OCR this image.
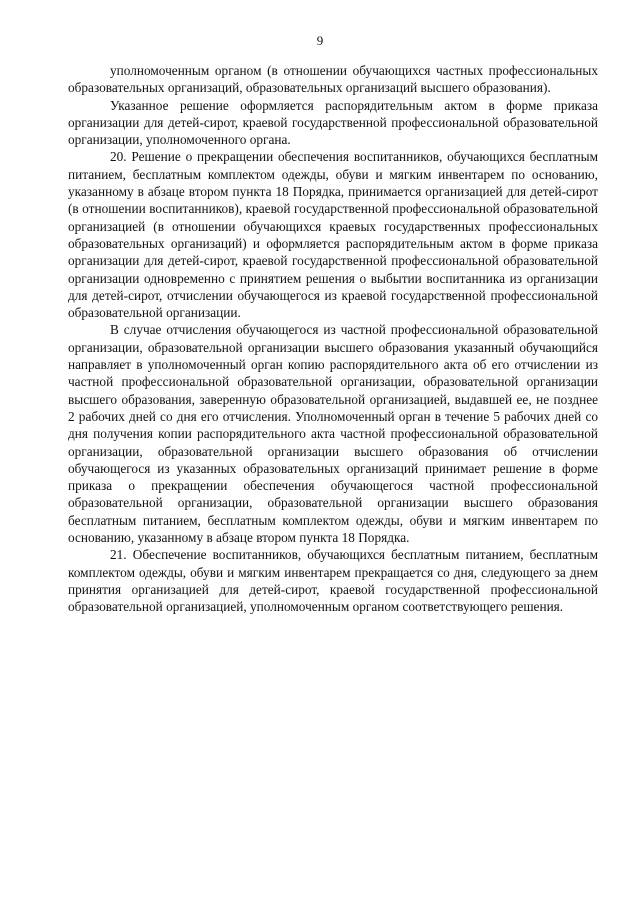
9

уполномоченным органом (в отношении обучающихся частных профессиональных образовательных организаций, образовательных организаций высшего образования).

Указанное решение оформляется распорядительным актом в форме приказа организации для детей-сирот, краевой государственной профессиональной образовательной организации, уполномоченного органа.

20. Решение о прекращении обеспечения воспитанников, обучающихся бесплатным питанием, бесплатным комплектом одежды, обуви и мягким инвентарем по основанию, указанному в абзаце втором пункта 18 Порядка, принимается организацией для детей-сирот (в отношении воспитанников), краевой государственной профессиональной образовательной организацией (в отношении обучающихся краевых государственных профессиональных образовательных организаций) и оформляется распорядительным актом в форме приказа организации для детей-сирот, краевой государственной профессиональной образовательной организации одновременно с принятием решения о выбытии воспитанника из организации для детей-сирот, отчислении обучающегося из краевой государственной профессиональной образовательной организации.

В случае отчисления обучающегося из частной профессиональной образовательной организации, образовательной организации высшего образования указанный обучающийся направляет в уполномоченный орган копию распорядительного акта об его отчислении из частной профессиональной образовательной организации, образовательной организации высшего образования, заверенную образовательной организацией, выдавшей ее, не позднее 2 рабочих дней со дня его отчисления. Уполномоченный орган в течение 5 рабочих дней со дня получения копии распорядительного акта частной профессиональной образовательной организации, образовательной организации высшего образования об отчислении обучающегося из указанных образовательных организаций принимает решение в форме приказа о прекращении обеспечения обучающегося частной профессиональной образовательной организации, образовательной организации высшего образования бесплатным питанием, бесплатным комплектом одежды, обуви и мягким инвентарем по основанию, указанному в абзаце втором пункта 18 Порядка.

21. Обеспечение воспитанников, обучающихся бесплатным питанием, бесплатным комплектом одежды, обуви и мягким инвентарем прекращается со дня, следующего за днем принятия организацией для детей-сирот, краевой государственной профессиональной образовательной организацией, уполномоченным органом соответствующего решения.
